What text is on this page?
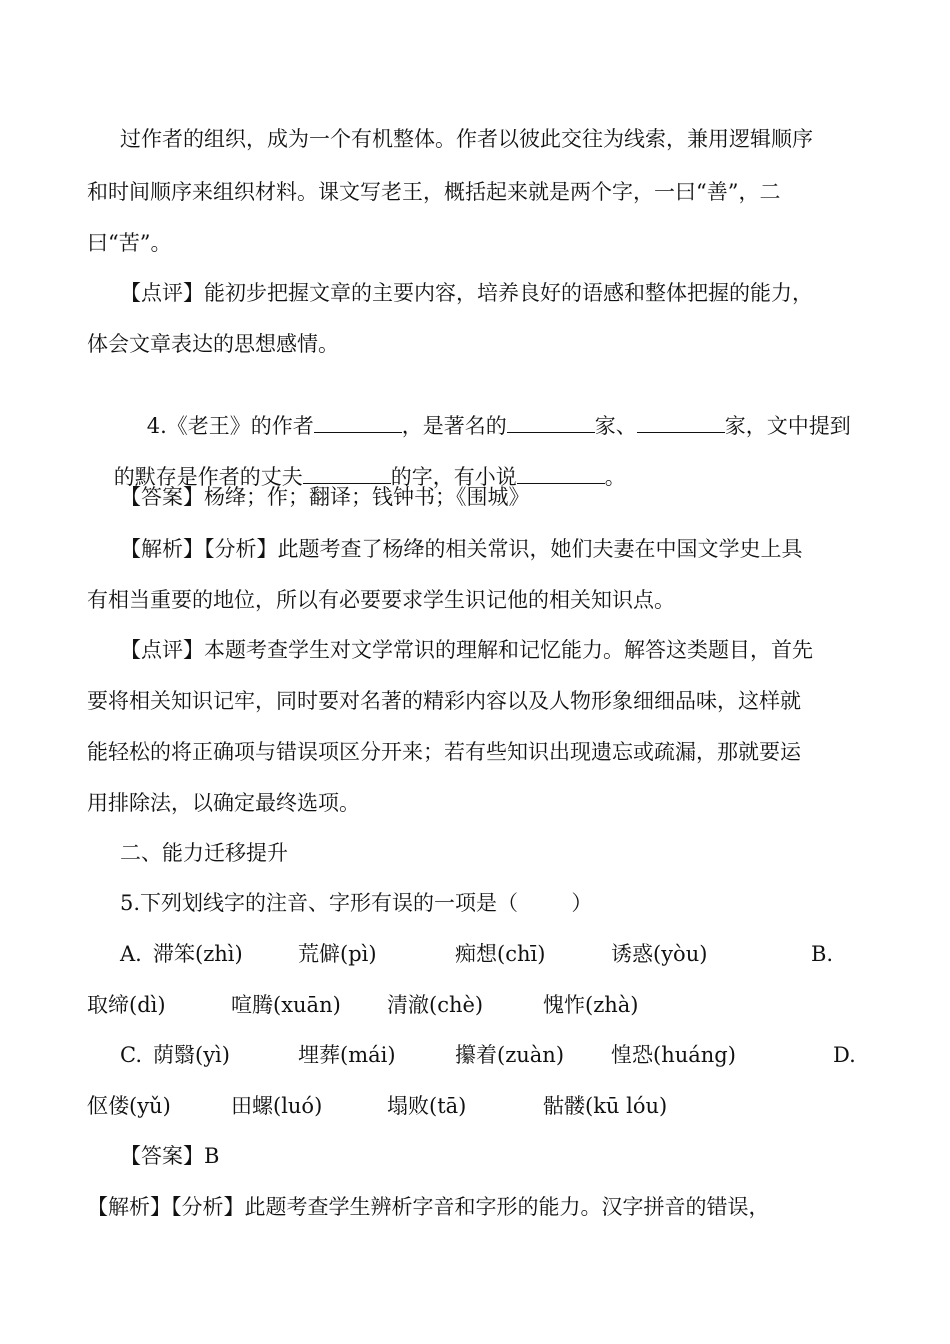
过作者的组织，成为一个有机整体。作者以彼此交往为线索，兼用逻辑顺序
和时间顺序来组织材料。课文写老王，概括起来就是两个字，一曰“善”，二
曰“苦”。
【点评】能初步把握文章的主要内容，培养良好的语感和整体把握的能力，
体会文章表达的思想感情。

4.《老王》的作者	，是著名的	家、	家，文中提到

的默存是作者的丈夫	的字，有小说	。

【答案】杨绛；作；翻译；钱钟书；《围城》
【解析】【分析】此题考查了杨绛的相关常识，她们夫妻在中国文学史上具
有相当重要的地位，所以有必要要求学生识记他的相关知识点。
【点评】本题考查学生对文学常识的理解和记忆能力。解答这类题目，首先
要将相关知识记牢，同时要对名著的精彩内容以及人物形象细细品味，这样就
能轻松的将正确项与错误项区分开来；若有些知识出现遗忘或疏漏，那就要运
用排除法，以确定最终选项。
二、能力迁移提升
5.下列划线字的注音、字形有误的一项是（        ）
A. 滞笨(zhì)	荒僻(pì)	痴想(chī)	诱惑(yòu)	B.
取缔(dì)	喧腾(xuān) 清澈(chè)	愧怍(zhà)
C. 荫翳(yì)	埋葬(mái)	攥着(zuàn) 惶恐(huáng)	D.
伛偻(yǔ)	田螺(luó)	塌败(tā)	骷髅(kū lóu)
【答案】B
【解析】【分析】此题考查学生辨析字音和字形的能力。汉字拼音的错误，
